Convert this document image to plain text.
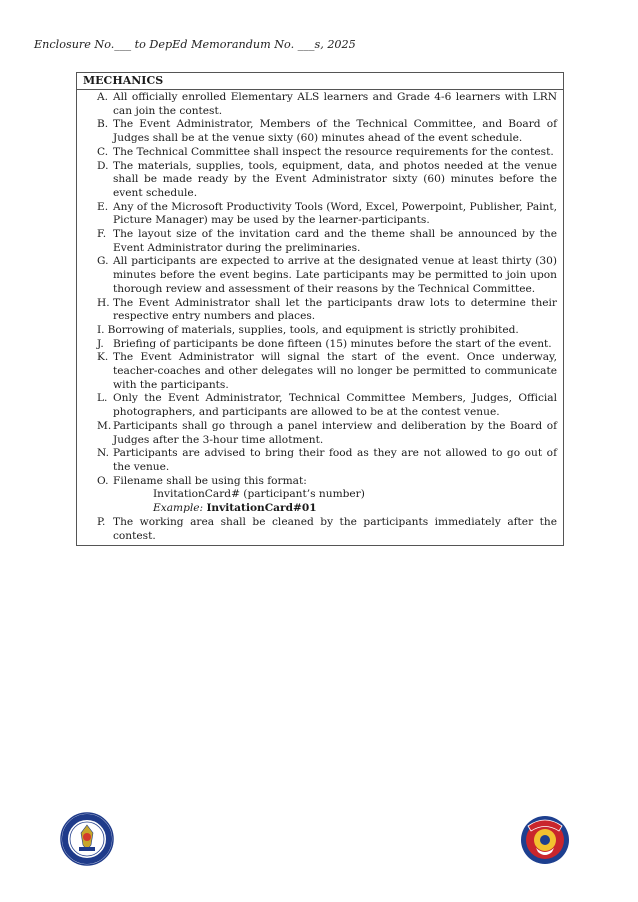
Enclosure No.___ to DepEd Memorandum No. ___s, 2025
MECHANICS
A. All officially enrolled Elementary ALS learners and Grade 4-6 learners with LRN can join the contest.
B. The Event Administrator, Members of the Technical Committee, and Board of Judges shall be at the venue sixty (60) minutes ahead of the event schedule.
C. The Technical Committee shall inspect the resource requirements for the contest.
D. The materials, supplies, tools, equipment, data, and photos needed at the venue shall be made ready by the Event Administrator sixty (60) minutes before the event schedule.
E. Any of the Microsoft Productivity Tools (Word, Excel, Powerpoint, Publisher, Paint, Picture Manager) may be used by the learner-participants.
F. The layout size of the invitation card and the theme shall be announced by the Event Administrator during the preliminaries.
G. All participants are expected to arrive at the designated venue at least thirty (30) minutes before the event begins. Late participants may be permitted to join upon thorough review and assessment of their reasons by the Technical Committee.
H. The Event Administrator shall let the participants draw lots to determine their respective entry numbers and places.
I. Borrowing of materials, supplies, tools, and equipment is strictly prohibited.
J. Briefing of participants be done fifteen (15) minutes before the start of the event.
K. The Event Administrator will signal the start of the event. Once underway, teacher-coaches and other delegates will no longer be permitted to communicate with the participants.
L. Only the Event Administrator, Technical Committee Members, Judges, Official photographers, and participants are allowed to be at the contest venue.
M. Participants shall go through a panel interview and deliberation by the Board of Judges after the 3-hour time allotment.
N. Participants are advised to bring their food as they are not allowed to go out of the venue.
O. Filename shall be using this format:
InvitationCard# (participant’s number)
Example: InvitationCard#01
P. The working area shall be cleaned by the participants immediately after the contest.
